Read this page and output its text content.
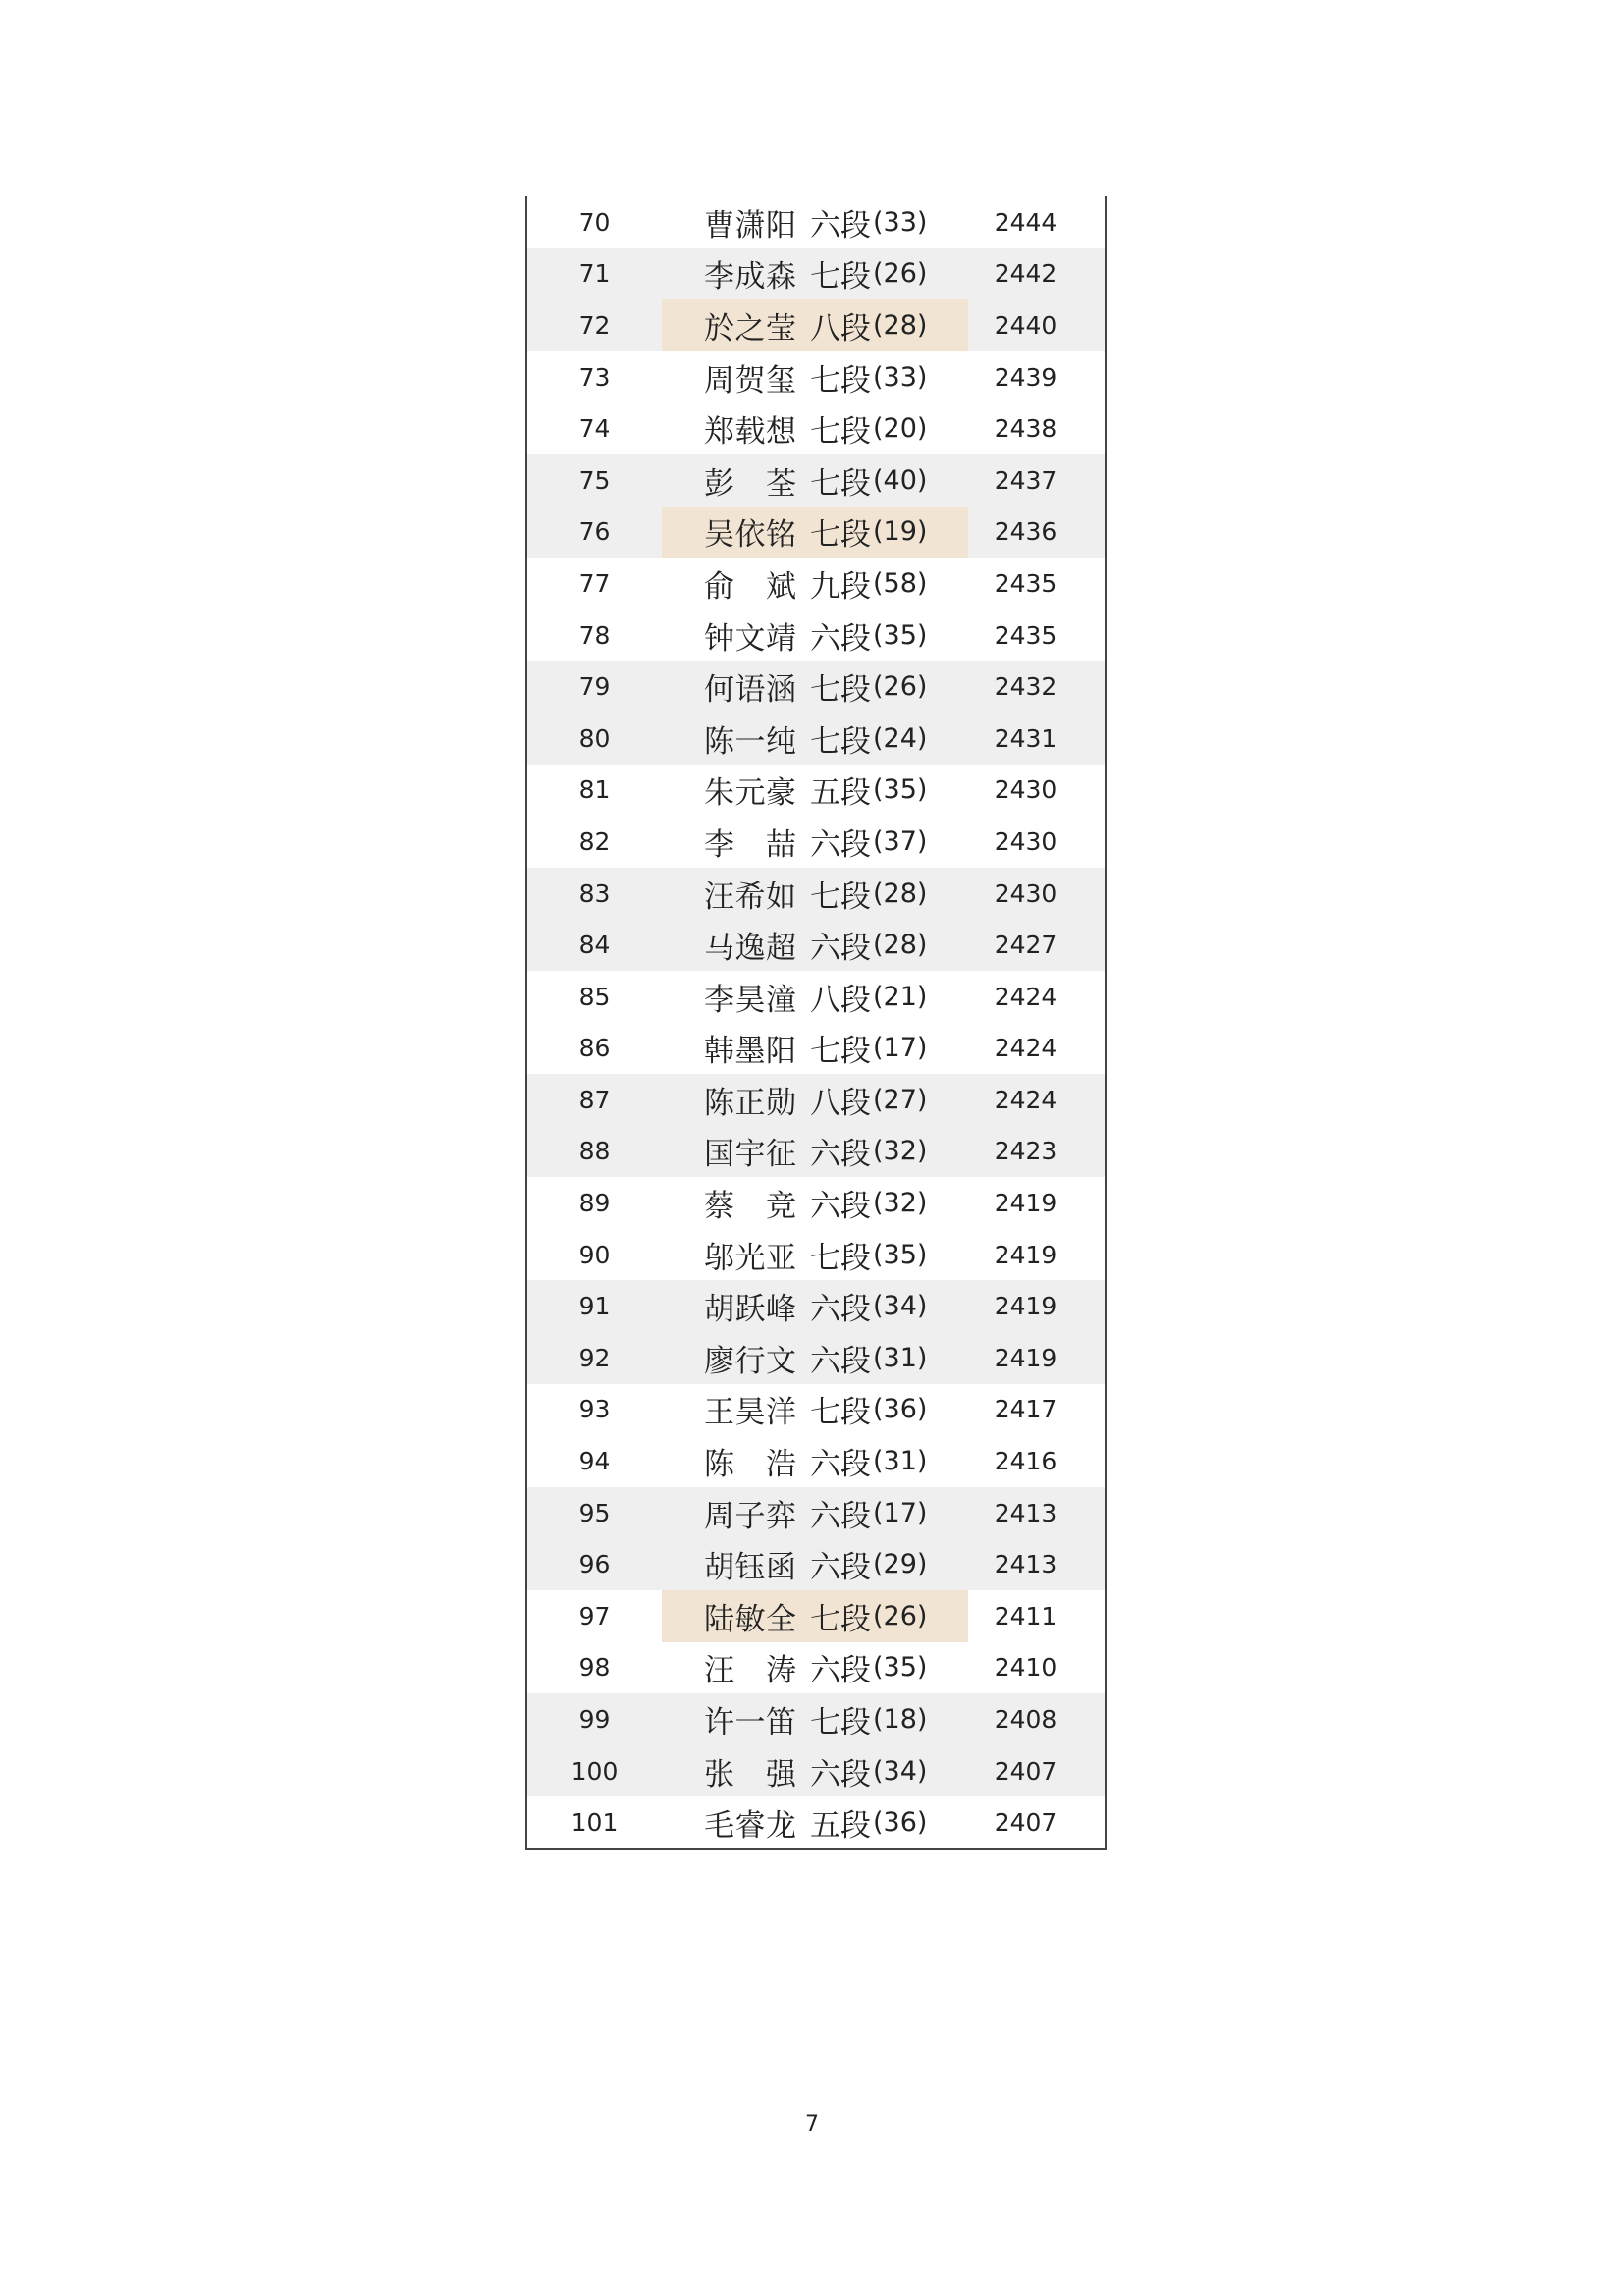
70	曹 潇 阳 六段 (33)	2444
71	李 成 森 七段 (26)	2442
72	於 之 莹 八段 (28)	2440
73	周 贺 玺 七段 (33)	2439
74	郑 载 想 七段 (20)	2438
75	彭 荃 七段 (40)	2437
76	吴 依 铭 七段 (19)	2436
77	俞 斌 九段 (58)	2435
78	钟 文 靖 六段 (35)	2435
79	何 语 涵 七段 (26)	2432
80	陈 一 纯 七段 (24)	2431
81	朱 元 豪 五段 (35)	2430
82	李 喆 六段 (37)	2430
83	汪 希 如 七段 (28)	2430
84	马 逸 超 六段 (28)	2427
85	李 昊 潼 八段 (21)	2424
86	韩 墨 阳 七段 (17)	2424
87	陈 正 勋 八段 (27)	2424
88	国 宇 征 六段 (32)	2423
89	蔡 竞 六段 (32)	2419
90	邬 光 亚 七段 (35)	2419
91	胡 跃 峰 六段 (34)	2419
92	廖 行 文 六段 (31)	2419
93	王 昊 洋 七段 (36)	2417
94	陈 浩 六段 (31)	2416
95	周 子 弈 六段 (17)	2413
96	胡 钰 函 六段 (29)	2413
97	陆 敏 全 七段 (26)	2411
98	汪 涛 六段 (35)	2410
99	许 一 笛 七段 (18)	2408
100	张 强 六段 (34)	2407
101	毛 睿 龙 五段 (36)	2407
7
